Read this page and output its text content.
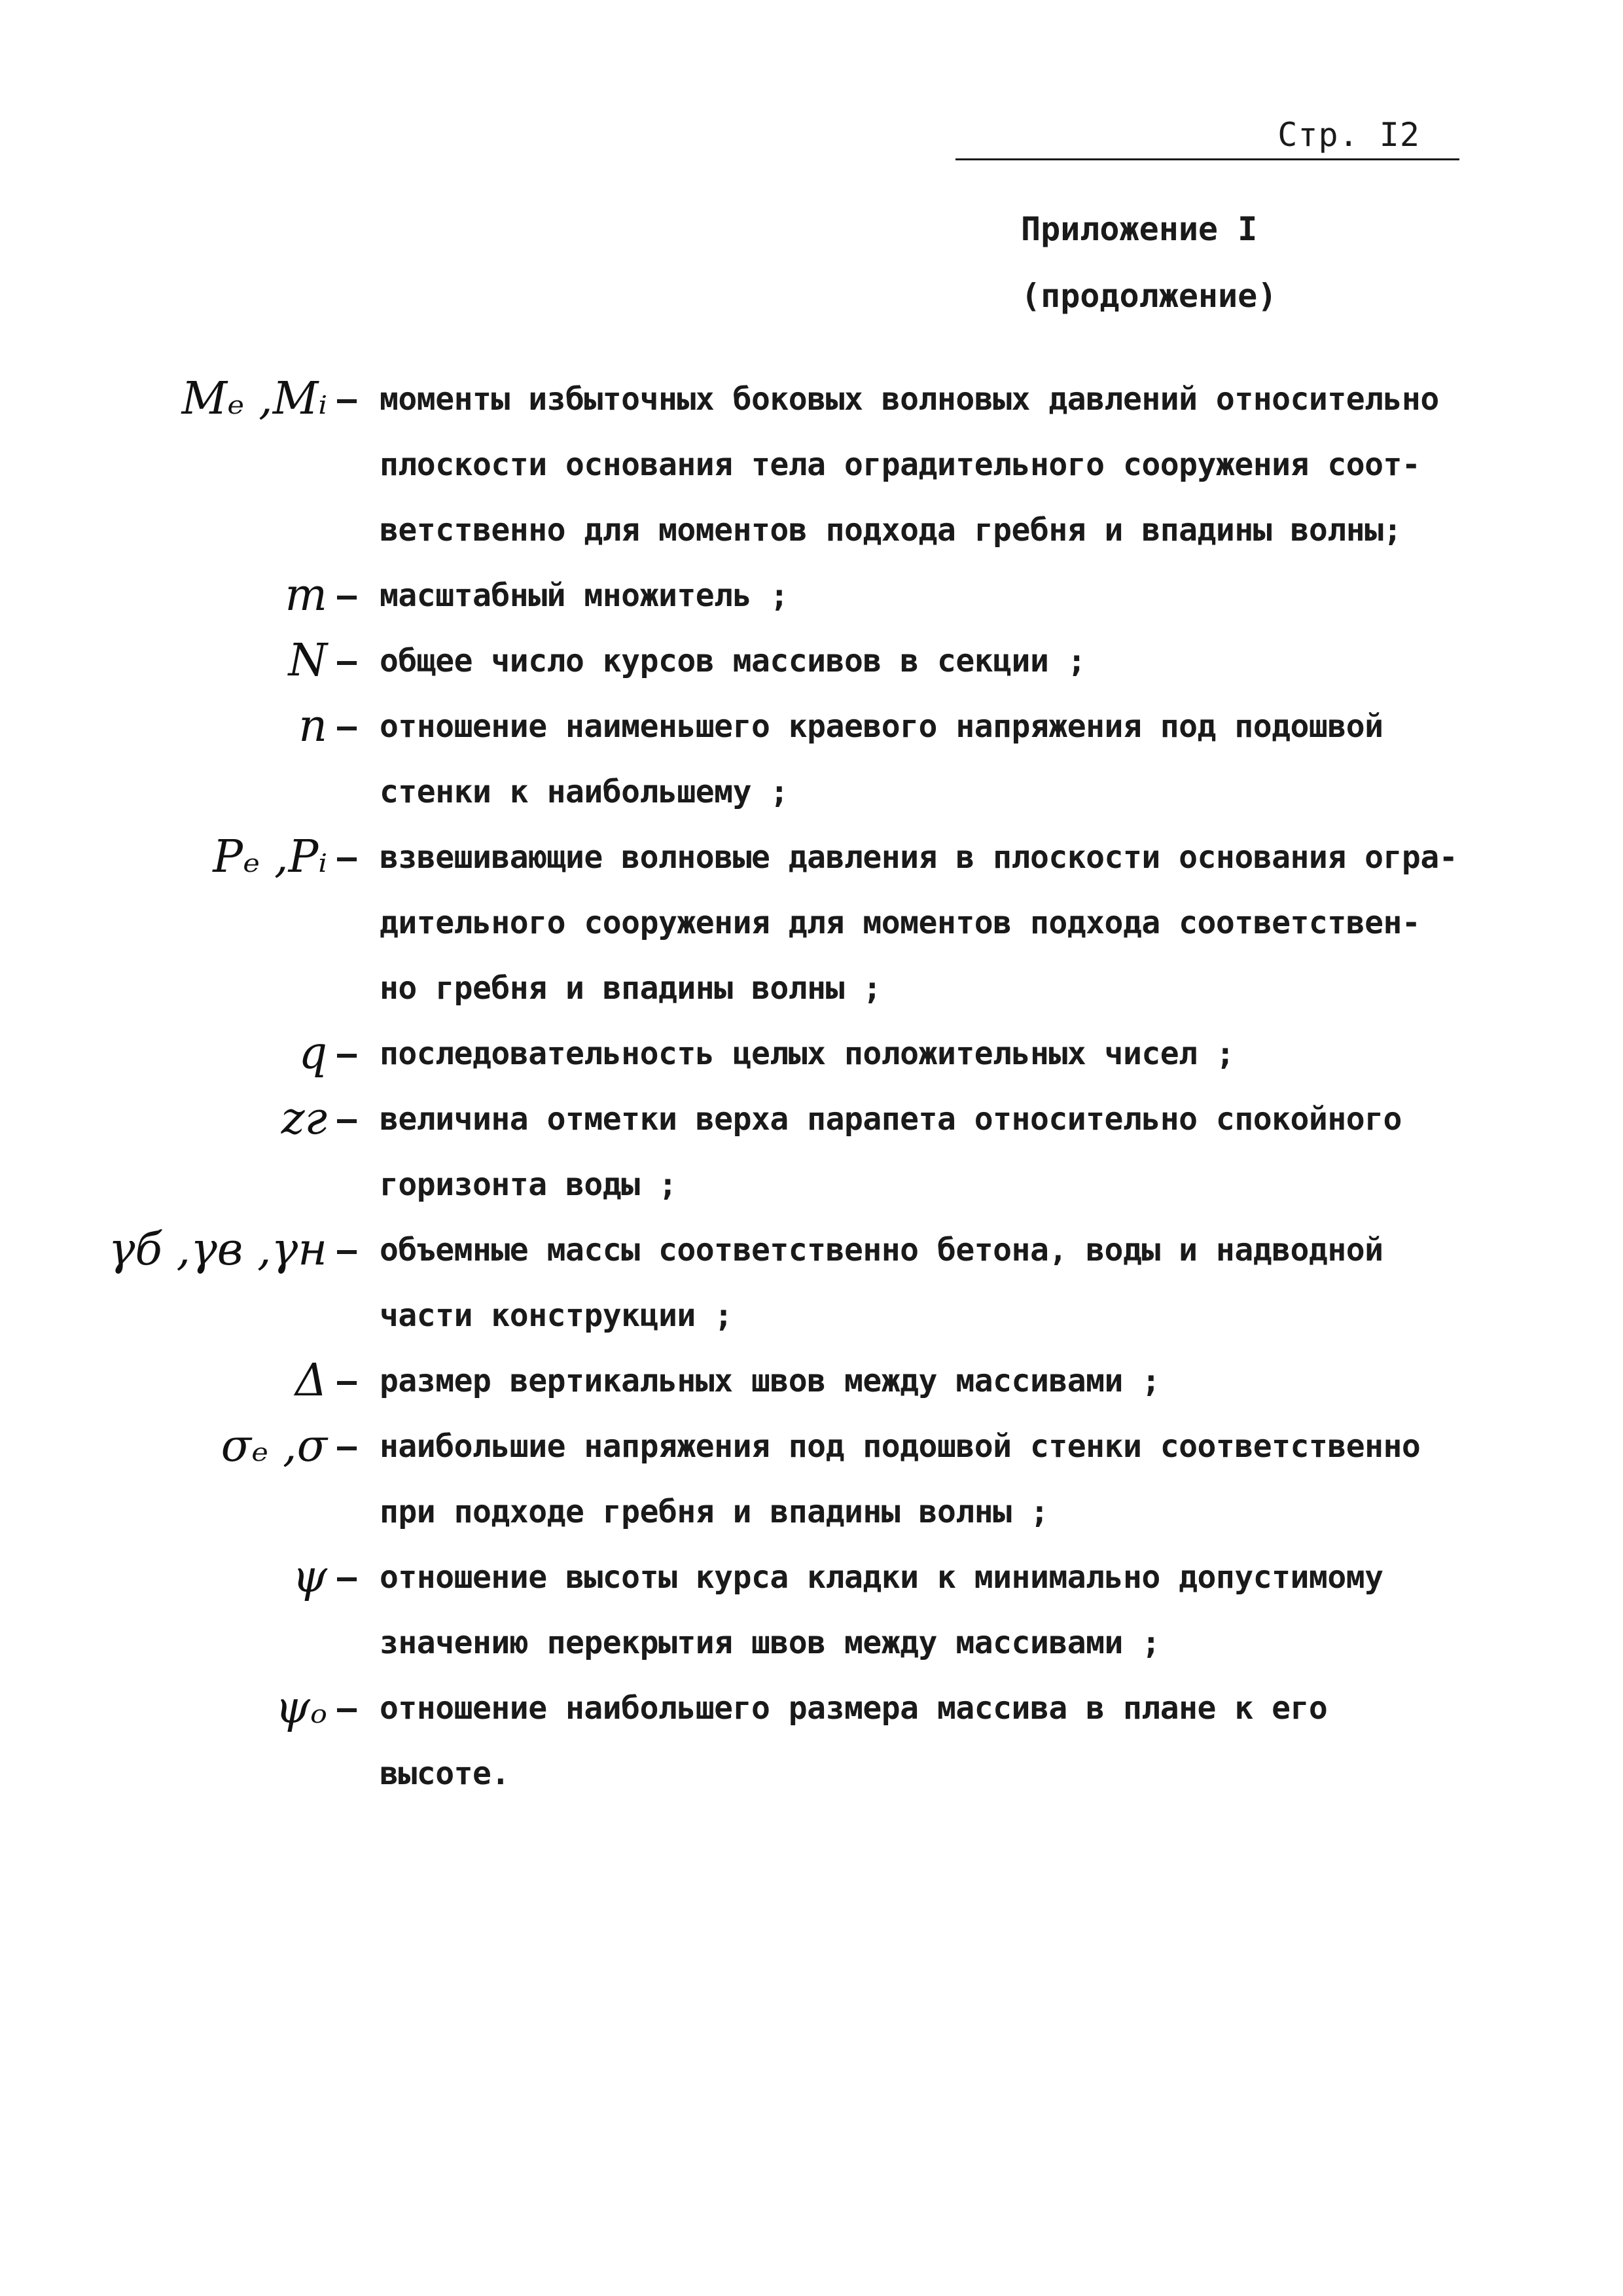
Стр. I2
Приложение I
(продолжение)
Mₑ ,Mᵢ – моменты избыточных боковых волновых давлений относительно
плоскости основания тела оградительного сооружения соот-
ветственно для моментов подхода гребня и впадины волны;
m – масштабный множитель ;
N – общее число курсов массивов в секции ;
n – отношение наименьшего краевого напряжения под подошвой
стенки к наибольшему ;
Pₑ ,Pᵢ – взвешивающие волновые давления в плоскости основания огра-
дительного сооружения для моментов подхода соответствен-
но гребня и впадины волны ;
q – последовательность целых положительных чисел ;
zг – величина отметки верха парапета относительно спокойного
горизонта воды ;
γб ,γв ,γн – объемные массы соответственно бетона, воды и надводной
части конструкции ;
Δ – размер вертикальных швов между массивами ;
σₑ ,σ – наибольшие напряжения под подошвой стенки соответственно
при подходе гребня и впадины волны ;
ψ – отношение высоты курса кладки к минимально допустимому
значению перекрытия швов между массивами ;
ψₒ – отношение наибольшего размера массива в плане к его
высоте.
